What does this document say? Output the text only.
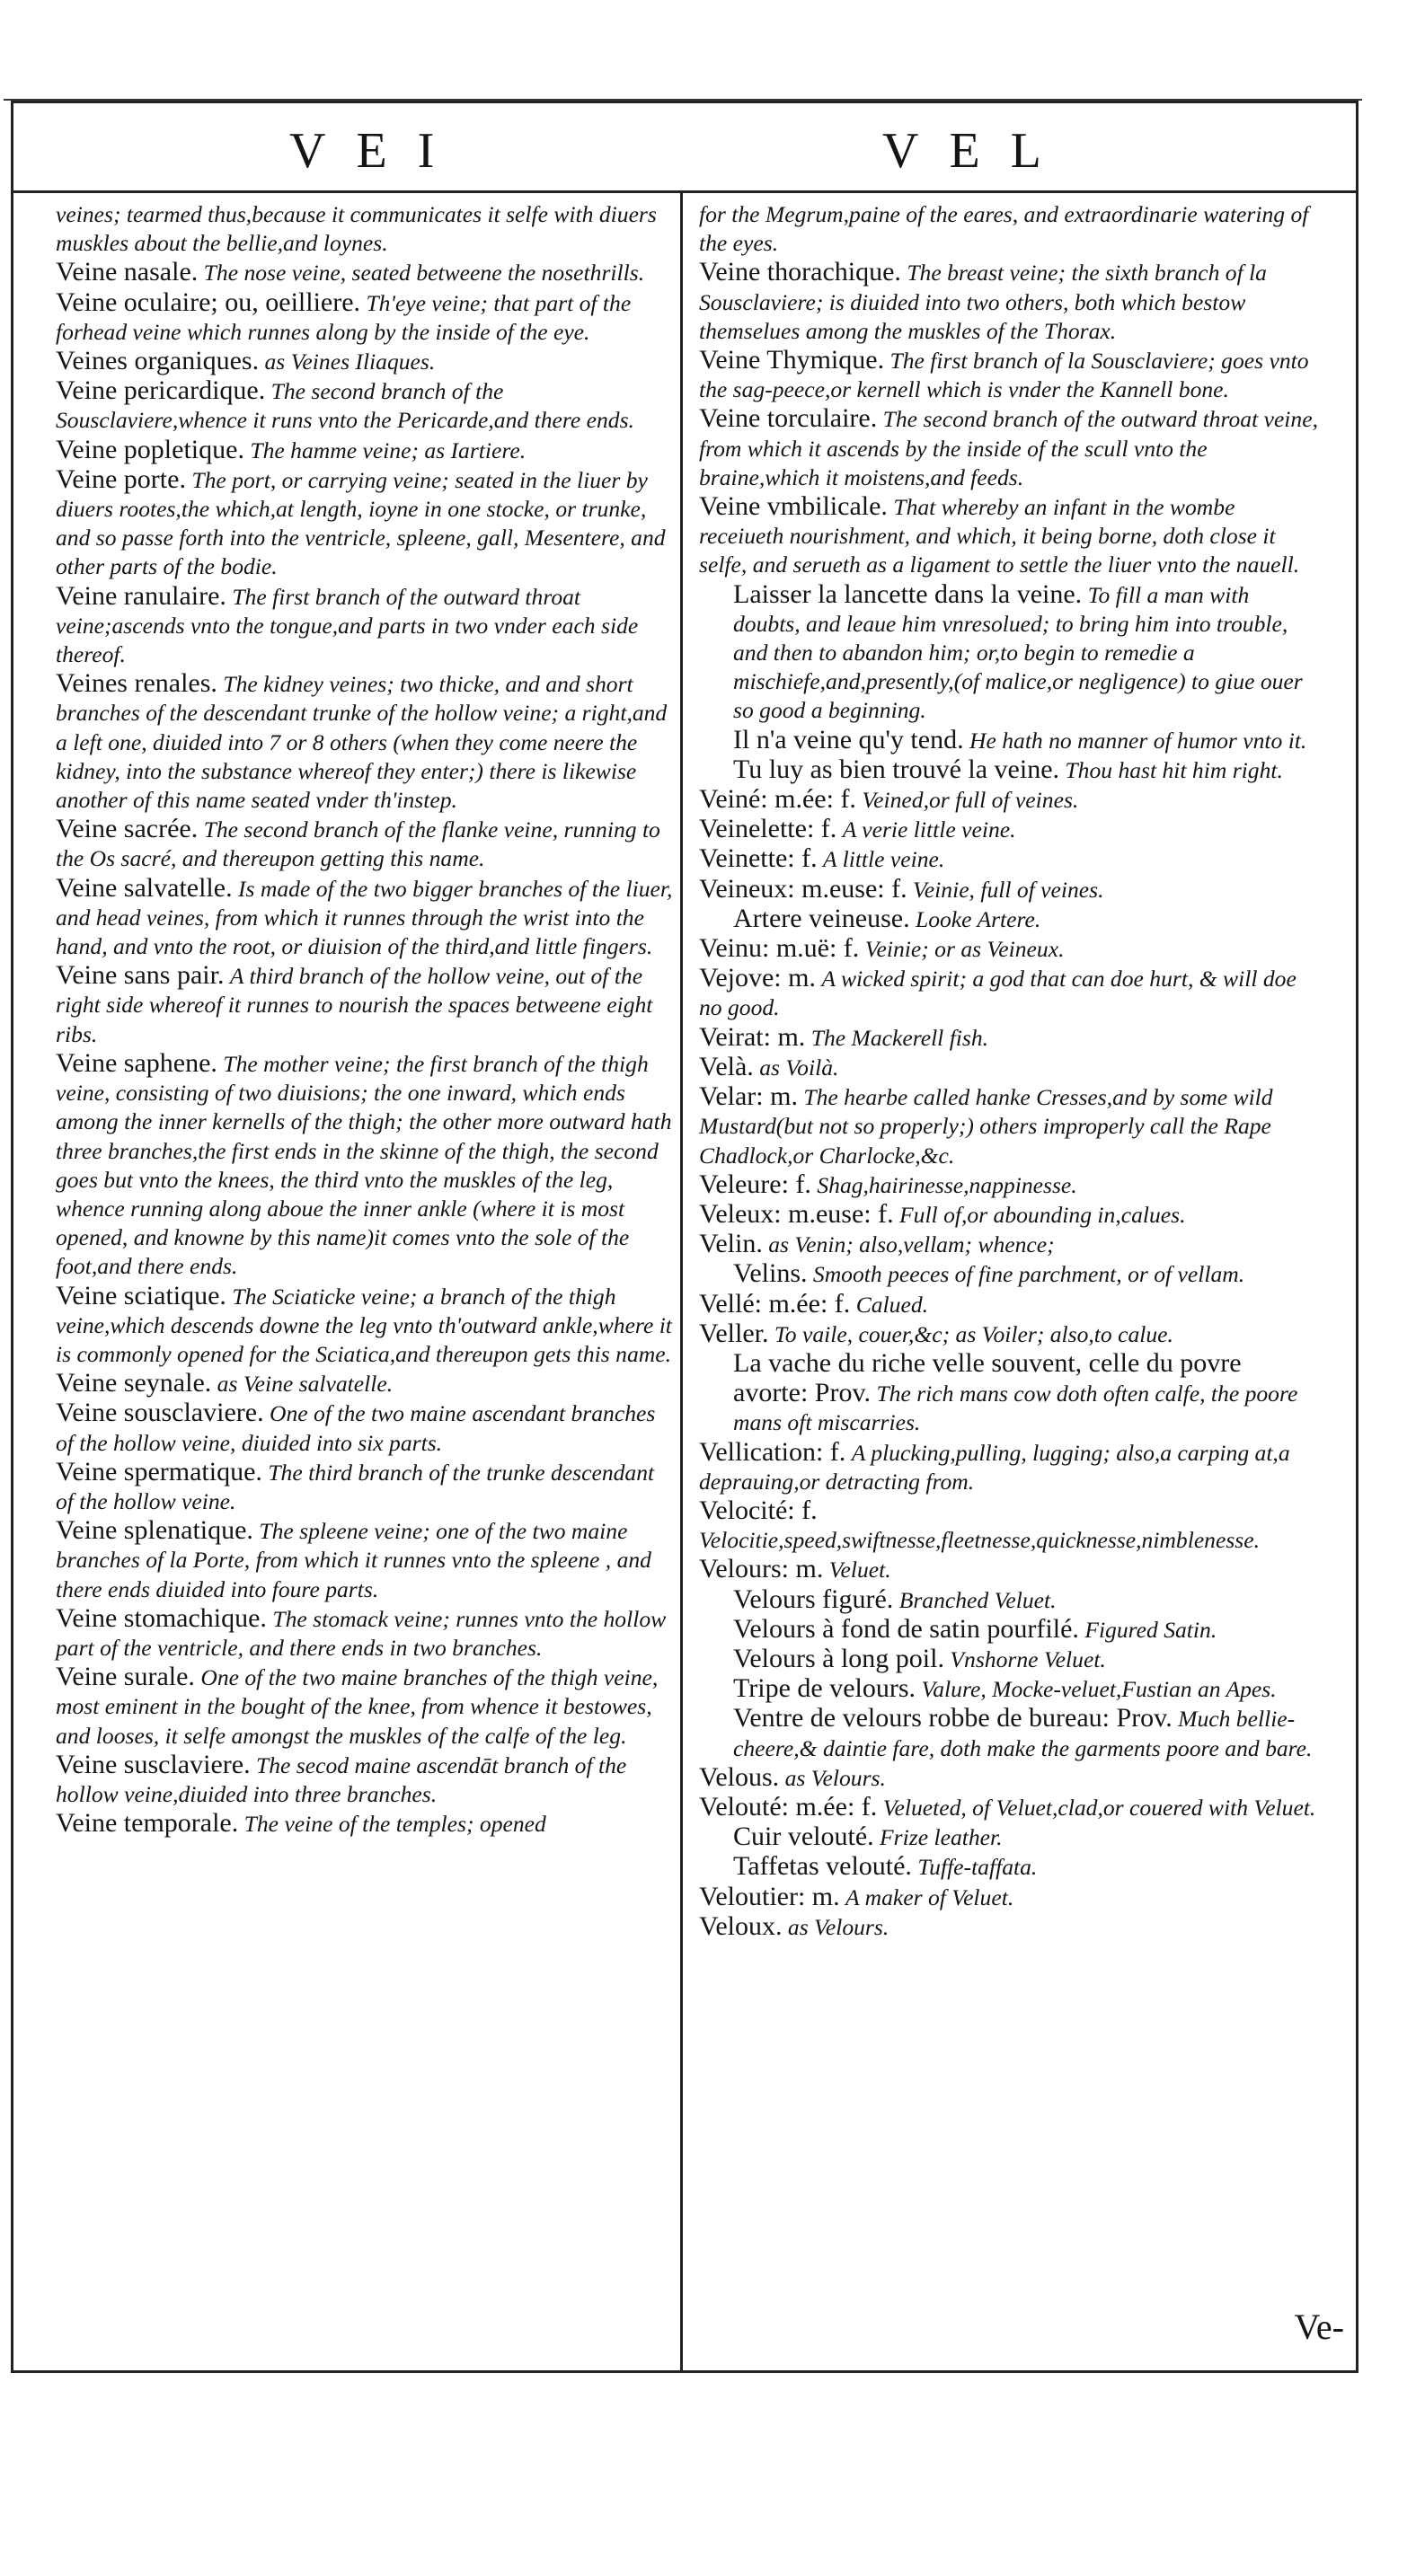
VEI	VEL
veines; tearmed thus,because it communicates it selfe with diuers muskles about the bellie,and loynes.
Veine nasale. The nose veine, seated betweene the nosethrills.
Veine oculaire; ou, oeilliere. Th'eye veine; that part of the forhead veine which runnes along by the inside of the eye.
Veines organiques. as Veines Iliaques.
Veine pericardique. The second branch of the Sousclaviere,whence it runs vnto the Pericarde,and there ends.
Veine popletique. The hamme veine; as Iartiere.
Veine porte. The port, or carrying veine; seated in the liuer by diuers rootes,the which,at length, ioyne in one stocke, or trunke, and so passe forth into the ventricle, spleene, gall, Mesentere, and other parts of the bodie.
Veine ranulaire. The first branch of the outward throat veine;ascends vnto the tongue,and parts in two vnder each side thereof.
Veines renales. The kidney veines; two thicke, and and short branches of the descendant trunke of the hollow veine; a right,and a left one, diuided into 7 or 8 others (when they come neere the kidney, into the substance whereof they enter;) there is likewise another of this name seated vnder th'instep.
Veine sacrée. The second branch of the flanke veine, running to the Os sacré, and thereupon getting this name.
Veine salvatelle. Is made of the two bigger branches of the liuer, and head veines, from which it runnes through the wrist into the hand, and vnto the root, or diuision of the third,and little fingers.
Veine sans pair. A third branch of the hollow veine, out of the right side whereof it runnes to nourish the spaces betweene eight ribs.
Veine saphene. The mother veine; the first branch of the thigh veine, consisting of two diuisions; the one inward, which ends among the inner kernells of the thigh; the other more outward hath three branches,the first ends in the skinne of the thigh, the second goes but vnto the knees, the third vnto the muskles of the leg, whence running along aboue the inner ankle (where it is most opened, and knowne by this name)it comes vnto the sole of the foot,and there ends.
Veine sciatique. The Sciaticke veine; a branch of the thigh veine,which descends downe the leg vnto th'outward ankle,where it is commonly opened for the Sciatica,and thereupon gets this name.
Veine seynale. as Veine salvatelle.
Veine sousclaviere. One of the two maine ascendant branches of the hollow veine, diuided into six parts.
Veine spermatique. The third branch of the trunke descendant of the hollow veine.
Veine splenatique. The spleene veine; one of the two maine branches of la Porte, from which it runnes vnto the spleene , and there ends diuided into foure parts.
Veine stomachique. The stomack veine; runnes vnto the hollow part of the ventricle, and there ends in two branches.
Veine surale. One of the two maine branches of the thigh veine, most eminent in the bought of the knee, from whence it bestowes, and looses, it selfe amongst the muskles of the calfe of the leg.
Veine susclaviere. The secod maine ascendāt branch of the hollow veine,diuided into three branches.
Veine temporale. The veine of the temples; opened
for the Megrum,paine of the eares, and extraordinarie watering of the eyes.
Veine thorachique. The breast veine; the sixth branch of la Sousclaviere; is diuided into two others, both which bestow themselues among the muskles of the Thorax.
Veine Thymique. The first branch of la Sousclaviere; goes vnto the sag-peece,or kernell which is vnder the Kannell bone.
Veine torculaire. The second branch of the outward throat veine, from which it ascends by the inside of the scull vnto the braine,which it moistens,and feeds.
Veine vmbilicale. That whereby an infant in the wombe receiueth nourishment, and which, it being borne, doth close it selfe, and serueth as a ligament to settle the liuer vnto the nauell.
Laisser la lancette dans la veine. To fill a man with doubts, and leaue him vnresolued; to bring him into trouble, and then to abandon him; or,to begin to remedie a mischiefe,and,presently,(of malice,or negligence) to giue ouer so good a beginning.
Il n'a veine qu'y tend. He hath no manner of humor vnto it.
Tu luy as bien trouvé la veine. Thou hast hit him right.
Veiné: m.ée: f. Veined,or full of veines.
Veinelette: f. A verie little veine.
Veinette: f. A little veine.
Veineux: m.euse: f. Veinie, full of veines.
Artere veineuse. Looke Artere.
Veinu: m.uë: f. Veinie; or as Veineux.
Vejove: m. A wicked spirit; a god that can doe hurt, & will doe no good.
Veirat: m. The Mackerell fish.
Velà. as Voilà.
Velar: m. The hearbe called hanke Cresses,and by some wild Mustard(but not so properly;) others improperly call the Rape Chadlock,or Charlocke,&c.
Veleure: f. Shag,hairinesse,nappinesse.
Veleux: m.euse: f. Full of,or abounding in,calues.
Velin. as Venin; also,vellam; whence;
Velins. Smooth peeces of fine parchment, or of vellam.
Vellé: m.ée: f. Calued.
Veller. To vaile, couer,&c; as Voiler; also,to calue.
La vache du riche velle souvent, celle du povre avorte: Prov. The rich mans cow doth often calfe, the poore mans oft miscarries.
Vellication: f. A plucking,pulling, lugging; also,a carping at,a deprauing,or detracting from.
Velocité: f. Velocitie,speed,swiftnesse,fleetnesse,quicknesse,nimblenesse.
Velours: m. Veluet.
Velours figuré. Branched Veluet.
Velours à fond de satin pourfilé. Figured Satin.
Velours à long poil. Vnshorne Veluet.
Tripe de velours. Valure, Mocke-veluet,Fustian an Apes.
Ventre de velours robbe de bureau: Prov. Much bellie-cheere,& daintie fare, doth make the garments poore and bare.
Velous. as Velours.
Velouté: m.ée: f. Velueted, of Veluet,clad,or couered with Veluet.
Cuir velouté. Frize leather.
Taffetas velouté. Tuffe-taffata.
Veloutier: m. A maker of Veluet.
Veloux. as Velours.
Ve-
